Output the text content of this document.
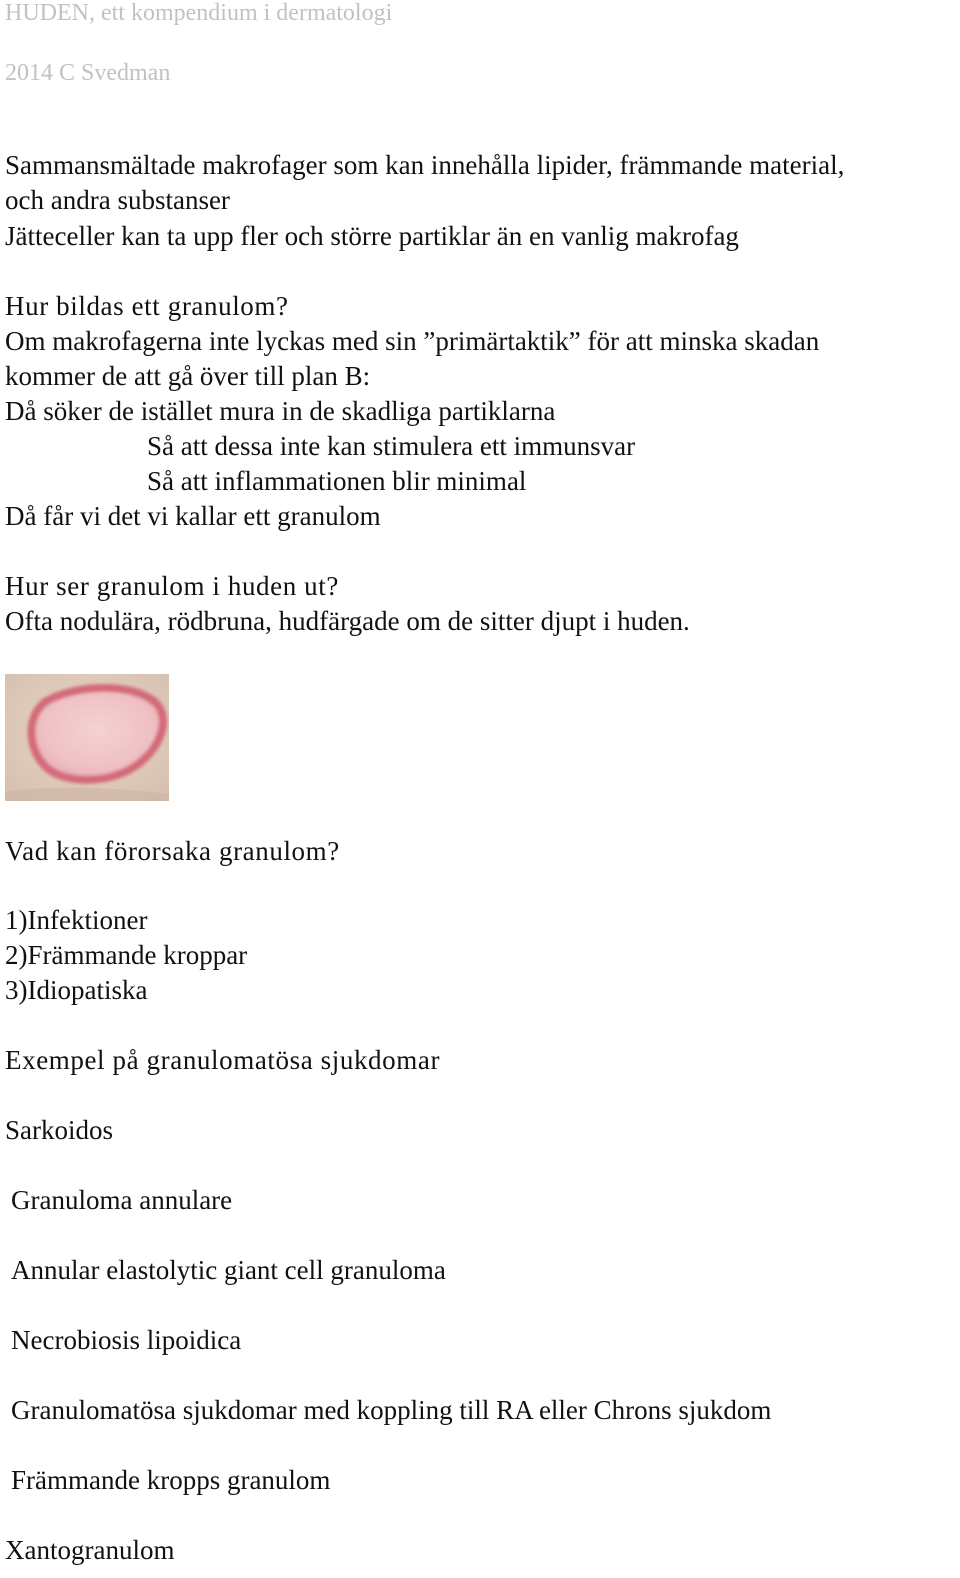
HUDEN, ett kompendium i dermatologi
2014 C Svedman
Sammansmältade makrofager som kan innehålla lipider, främmande material,
och andra substanser
Jätteceller kan ta upp fler och större partiklar än en vanlig makrofag
Hur bildas ett granulom?
Om makrofagerna inte lyckas med sin ”primärtaktik” för att minska skadan
kommer de att gå över till plan B:
Då söker de istället mura in de skadliga partiklarna
Så att dessa inte kan stimulera ett immunsvar
Så att inflammationen blir minimal
Då får vi det vi kallar ett granulom
Hur ser granulom i huden ut?
Ofta nodulära, rödbruna, hudfärgade om de sitter djupt i huden.
Vad kan förorsaka granulom?
1)Infektioner
2)Främmande kroppar
3)Idiopatiska
Exempel på granulomatösa sjukdomar
Sarkoidos
Granuloma annulare
Annular elastolytic giant cell granuloma
Necrobiosis lipoidica
Granulomatösa sjukdomar med koppling till RA eller Chrons sjukdom
Främmande kropps granulom
Xantogranulom
